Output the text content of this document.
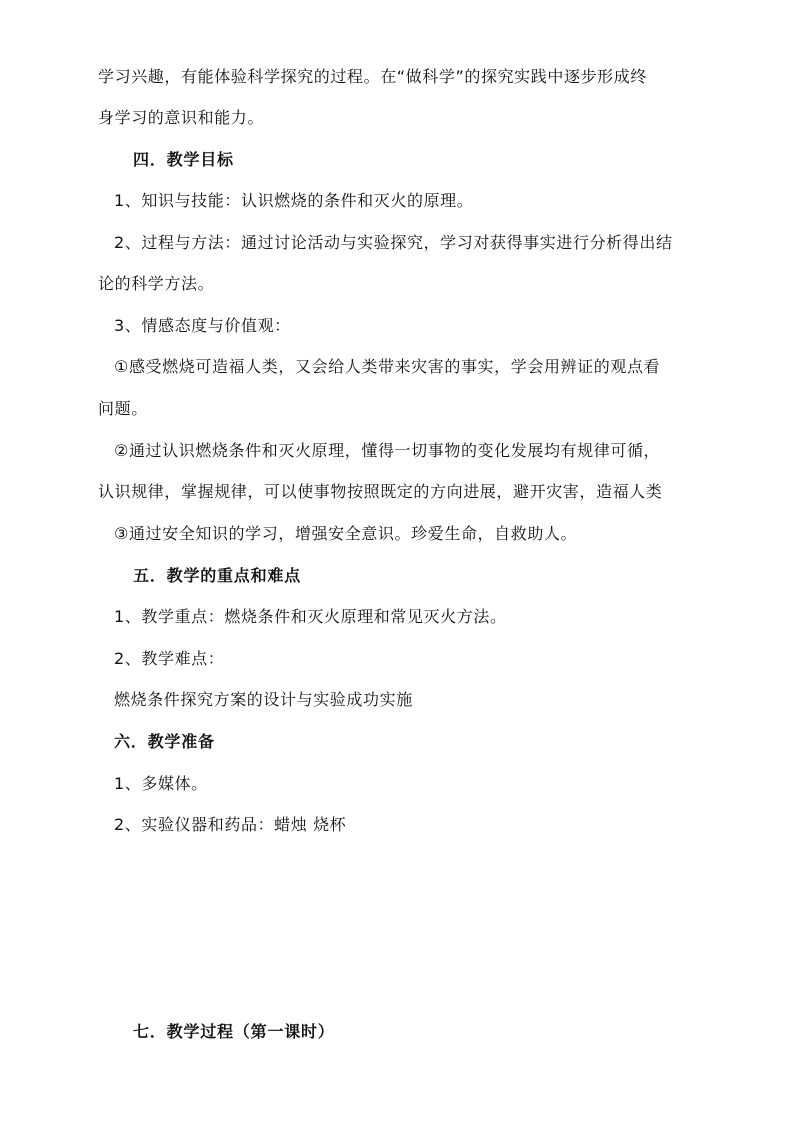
学习兴趣，有能体验科学探究的过程。在“做科学”的探究实践中逐步形成终
身学习的意识和能力。
四．教学目标
1、知识与技能：认识燃烧的条件和灭火的原理。
2、过程与方法：通过讨论活动与实验探究，学习对获得事实进行分析得出结
论的科学方法。
3、情感态度与价值观：
①感受燃烧可造福人类，又会给人类带来灾害的事实，学会用辨证的观点看
问题。
②通过认识燃烧条件和灭火原理，懂得一切事物的变化发展均有规律可循，
认识规律，掌握规律，可以使事物按照既定的方向进展，避开灾害，造福人类
③通过安全知识的学习，增强安全意识。珍爱生命，自救助人。
五．教学的重点和难点
1、教学重点：燃烧条件和灭火原理和常见灭火方法。
2、教学难点：
燃烧条件探究方案的设计与实验成功实施
六．教学准备
1、多媒体。
2、实验仪器和药品：蜡烛 烧杯
七．教学过程（第一课时）
